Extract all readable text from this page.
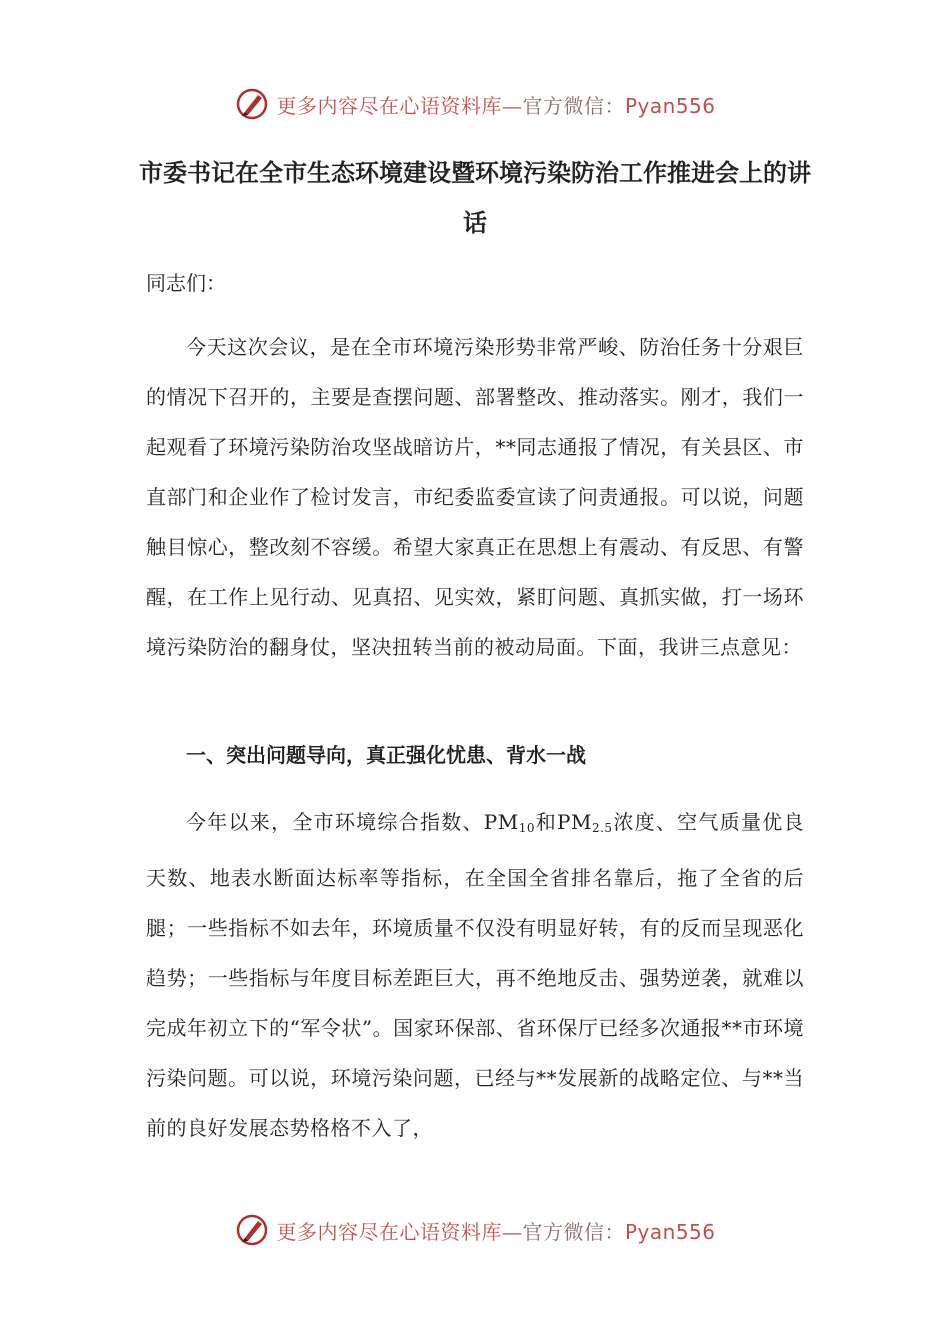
更多内容尽在心语资料库—官方微信：Pyan556
市委书记在全市生态环境建设暨环境污染防治工作推进会上的讲话
同志们：
今天这次会议，是在全市环境污染形势非常严峻、防治任务十分艰巨的情况下召开的，主要是查摆问题、部署整改、推动落实。刚才，我们一起观看了环境污染防治攻坚战暗访片，**同志通报了情况，有关县区、市直部门和企业作了检讨发言，市纪委监委宣读了问责通报。可以说，问题触目惊心，整改刻不容缓。希望大家真正在思想上有震动、有反思、有警醒，在工作上见行动、见真招、见实效，紧盯问题、真抓实做，打一场环境污染防治的翻身仗，坚决扭转当前的被动局面。下面，我讲三点意见：
一、突出问题导向，真正强化忧患、背水一战
今年以来，全市环境综合指数、$PM_{10}$和$PM_{2.5}$浓度、空气质量优良天数、地表水断面达标率等指标，在全国全省排名靠后，拖了全省的后腿；一些指标不如去年，环境质量不仅没有明显好转，有的反而呈现恶化趋势；一些指标与年度目标差距巨大，再不绝地反击、强势逆袭，就难以完成年初立下的“军令状”。国家环保部、省环保厅已经多次通报**市环境污染问题。可以说，环境污染问题，已经与**发展新的战略定位、与**当前的良好发展态势格格不入了，
更多内容尽在心语资料库—官方微信：Pyan556
